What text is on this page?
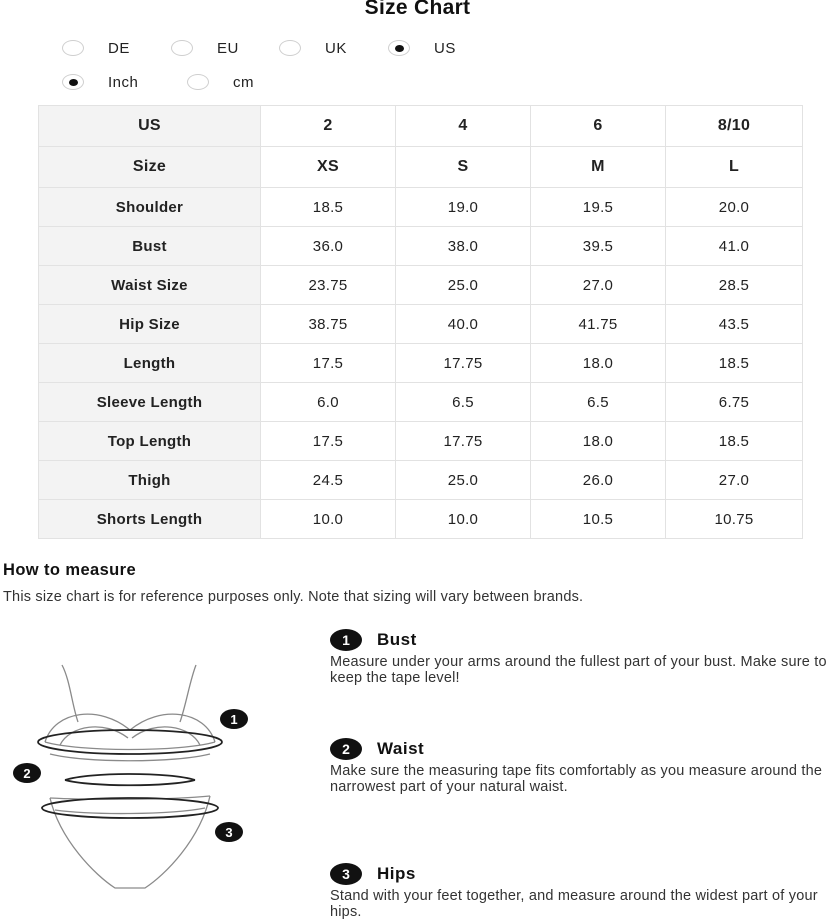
Size Chart
DE	EU	UK	US
Inch	cm
US	2	4	6	8/10
Size	XS	S	M	L
Shoulder	18.5	19.0	19.5	20.0
Bust	36.0	38.0	39.5	41.0
Waist Size	23.75	25.0	27.0	28.5
Hip Size	38.75	40.0	41.75	43.5
Length	17.5	17.75	18.0	18.5
Sleeve Length	6.0	6.5	6.5	6.75
Top Length	17.5	17.75	18.0	18.5
Thigh	24.5	25.0	26.0	27.0
Shorts Length	10.0	10.0	10.5	10.75
How to measure
This size chart is for reference purposes only. Note that sizing will vary between brands.
1
2
3
1	Bust
Measure under your arms around the fullest part of your bust. Make sure to keep the tape level!
2	Waist
Make sure the measuring tape fits comfortably as you measure around the narrowest part of your natural waist.
3	Hips
Stand with your feet together, and measure around the widest part of your hips.
